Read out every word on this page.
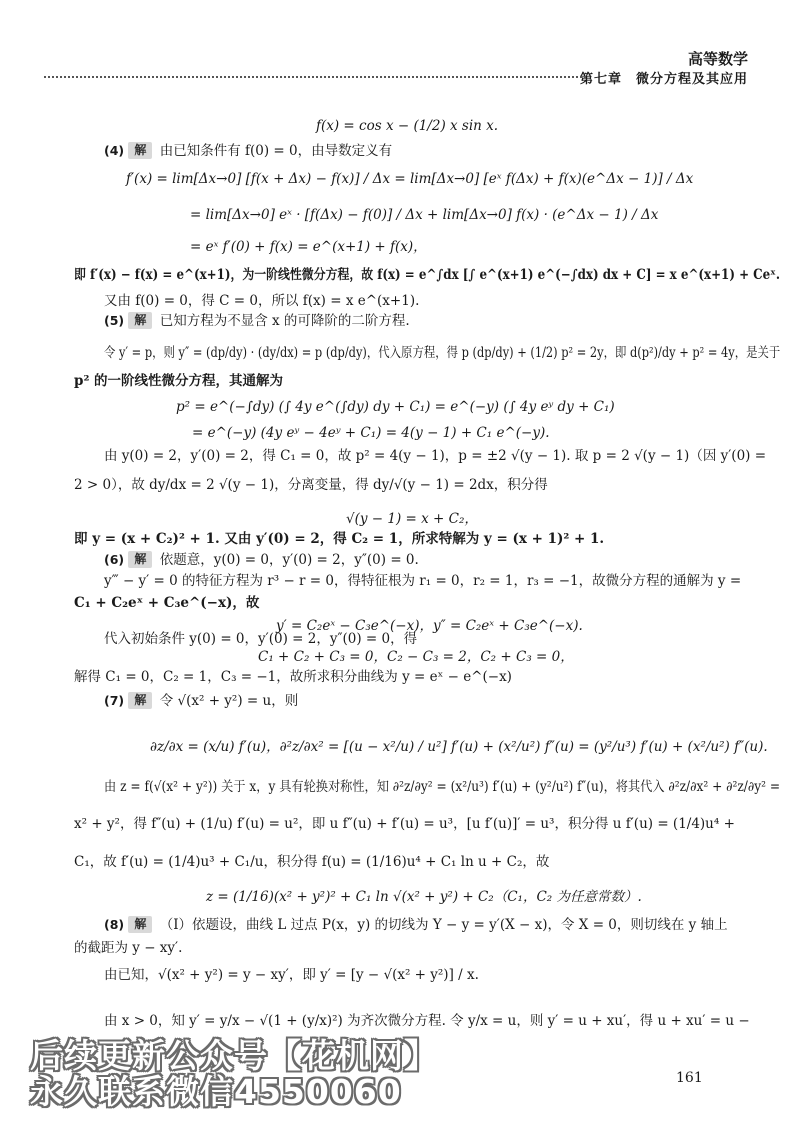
高等数学
第七章　微分方程及其应用
f(x) = cos x − (1/2) x sin x.
(4) 解 由已知条件有 f(0) = 0，由导数定义有
f′(x) = lim[Δx→0] [f(x + Δx) − f(x)] / Δx = lim[Δx→0] [eˣ f(Δx) + f(x)(e^Δx − 1)] / Δx
= lim[Δx→0] eˣ · [f(Δx) − f(0)] / Δx + lim[Δx→0] f(x) · (e^Δx − 1) / Δx
= eˣ f′(0) + f(x) = e^(x+1) + f(x)，
即 f′(x) − f(x) = e^(x+1)，为一阶线性微分方程，故 f(x) = e^∫dx [∫ e^(x+1) e^(−∫dx) dx + C] = x e^(x+1) + Ceˣ.
又由 f(0) = 0，得 C = 0，所以 f(x) = x e^(x+1).
(5) 解 已知方程为不显含 x 的可降阶的二阶方程.
令 y′ = p，则 y″ = (dp/dy) · (dy/dx) = p (dp/dy)，代入原方程，得 p (dp/dy) + (1/2) p² = 2y，即 d(p²)/dy + p² = 4y，是关于
p² 的一阶线性微分方程，其通解为
p² = e^(−∫dy) (∫ 4y e^(∫dy) dy + C₁) = e^(−y) (∫ 4y eʸ dy + C₁)
= e^(−y) (4y eʸ − 4eʸ + C₁) = 4(y − 1) + C₁ e^(−y).
由 y(0) = 2，y′(0) = 2，得 C₁ = 0，故 p² = 4(y − 1)，p = ±2 √(y − 1). 取 p = 2 √(y − 1)（因 y′(0) =
2 > 0），故 dy/dx = 2 √(y − 1)，分离变量，得 dy/√(y − 1) = 2dx，积分得
√(y − 1) = x + C₂，
即 y = (x + C₂)² + 1. 又由 y′(0) = 2，得 C₂ = 1，所求特解为 y = (x + 1)² + 1.
(6) 解 依题意，y(0) = 0，y′(0) = 2，y″(0) = 0.
y‴ − y′ = 0 的特征方程为 r³ − r = 0，得特征根为 r₁ = 0，r₂ = 1，r₃ = −1，故微分方程的通解为 y =
C₁ + C₂eˣ + C₃e^(−x)，故
y′ = C₂eˣ − C₃e^(−x)，y″ = C₂eˣ + C₃e^(−x).
代入初始条件 y(0) = 0，y′(0) = 2，y″(0) = 0，得
C₁ + C₂ + C₃ = 0，C₂ − C₃ = 2，C₂ + C₃ = 0，
解得 C₁ = 0，C₂ = 1，C₃ = −1，故所求积分曲线为 y = eˣ − e^(−x)
(7) 解 令 √(x² + y²) = u，则
∂z/∂x = (x/u) f′(u)，∂²z/∂x² = [(u − x²/u) / u²] f′(u) + (x²/u²) f″(u) = (y²/u³) f′(u) + (x²/u²) f″(u).
由 z = f(√(x² + y²)) 关于 x，y 具有轮换对称性，知 ∂²z/∂y² = (x²/u³) f′(u) + (y²/u²) f″(u)，将其代入 ∂²z/∂x² + ∂²z/∂y² =
x² + y²，得 f″(u) + (1/u) f′(u) = u²，即 u f″(u) + f′(u) = u³，[u f′(u)]′ = u³，积分得 u f′(u) = (1/4)u⁴ +
C₁，故 f′(u) = (1/4)u³ + C₁/u，积分得 f(u) = (1/16)u⁴ + C₁ ln u + C₂，故
z = (1/16)(x² + y²)² + C₁ ln √(x² + y²) + C₂（C₁，C₂ 为任意常数）.
(8) 解 （Ⅰ）依题设，曲线 L 过点 P(x，y) 的切线为 Y − y = y′(X − x)，令 X = 0，则切线在 y 轴上
的截距为 y − xy′.
由已知，√(x² + y²) = y − xy′，即 y′ = [y − √(x² + y²)] / x.
由 x > 0，知 y′ = y/x − √(1 + (y/x)²) 为齐次微分方程. 令 y/x = u，则 y′ = u + xu′，得 u + xu′ = u −
后续更新公众号【花机网】
永久联系微信4550060	161
